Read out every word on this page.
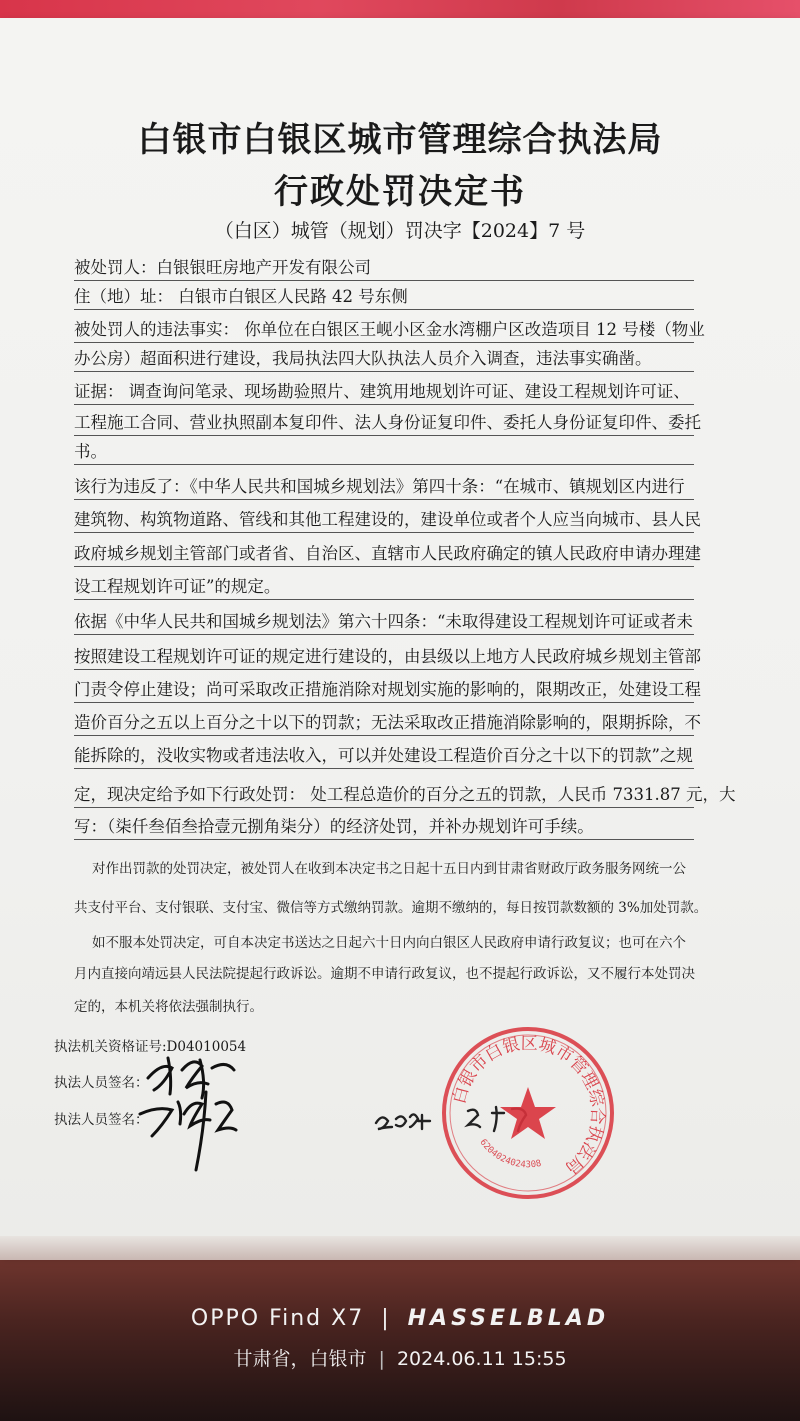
白银市白银区城市管理综合执法局
行政处罚决定书
（白区）城管（规划）罚决字【2024】7 号
被处罚人：白银银旺房地产开发有限公司
住（地）址： 白银市白银区人民路 42 号东侧
被处罚人的违法事实： 你单位在白银区王岘小区金水湾棚户区改造项目 12 号楼（物业
办公房）超面积进行建设，我局执法四大队执法人员介入调查，违法事实确凿。
证据： 调查询问笔录、现场勘验照片、建筑用地规划许可证、建设工程规划许可证、
工程施工合同、营业执照副本复印件、法人身份证复印件、委托人身份证复印件、委托
书。
该行为违反了：《中华人民共和国城乡规划法》第四十条：“在城市、镇规划区内进行
建筑物、构筑物道路、管线和其他工程建设的，建设单位或者个人应当向城市、县人民
政府城乡规划主管部门或者省、自治区、直辖市人民政府确定的镇人民政府申请办理建
设工程规划许可证”的规定。
依据《中华人民共和国城乡规划法》第六十四条：“未取得建设工程规划许可证或者未
按照建设工程规划许可证的规定进行建设的，由县级以上地方人民政府城乡规划主管部
门责令停止建设；尚可采取改正措施消除对规划实施的影响的，限期改正，处建设工程
造价百分之五以上百分之十以下的罚款；无法采取改正措施消除影响的，限期拆除，不
能拆除的，没收实物或者违法收入，可以并处建设工程造价百分之十以下的罚款”之规
定，现决定给予如下行政处罚： 处工程总造价的百分之五的罚款，人民币 7331.87 元，大
写：（柒仟叁佰叁拾壹元捌角柒分）的经济处罚，并补办规划许可手续。
对作出罚款的处罚决定，被处罚人在收到本决定书之日起十五日内到甘肃省财政厅政务服务网统一公
共支付平台、支付银联、支付宝、微信等方式缴纳罚款。逾期不缴纳的，每日按罚款数额的 3%加处罚款。
如不服本处罚决定，可自本决定书送达之日起六十日内向白银区人民政府申请行政复议；也可在六个
月内直接向靖远县人民法院提起行政诉讼。逾期不申请行政复议，也不提起行政诉讼，又不履行本处罚决
定的，本机关将依法强制执行。
执法机关资格证号:D04010054
执法人员签名：
执法人员签名：
白银市白银区城市管理综合执法局
6204024024308
OPPO Find X7 | HASSELBLAD
甘肃省，白银市 | 2024.06.11 15:55
